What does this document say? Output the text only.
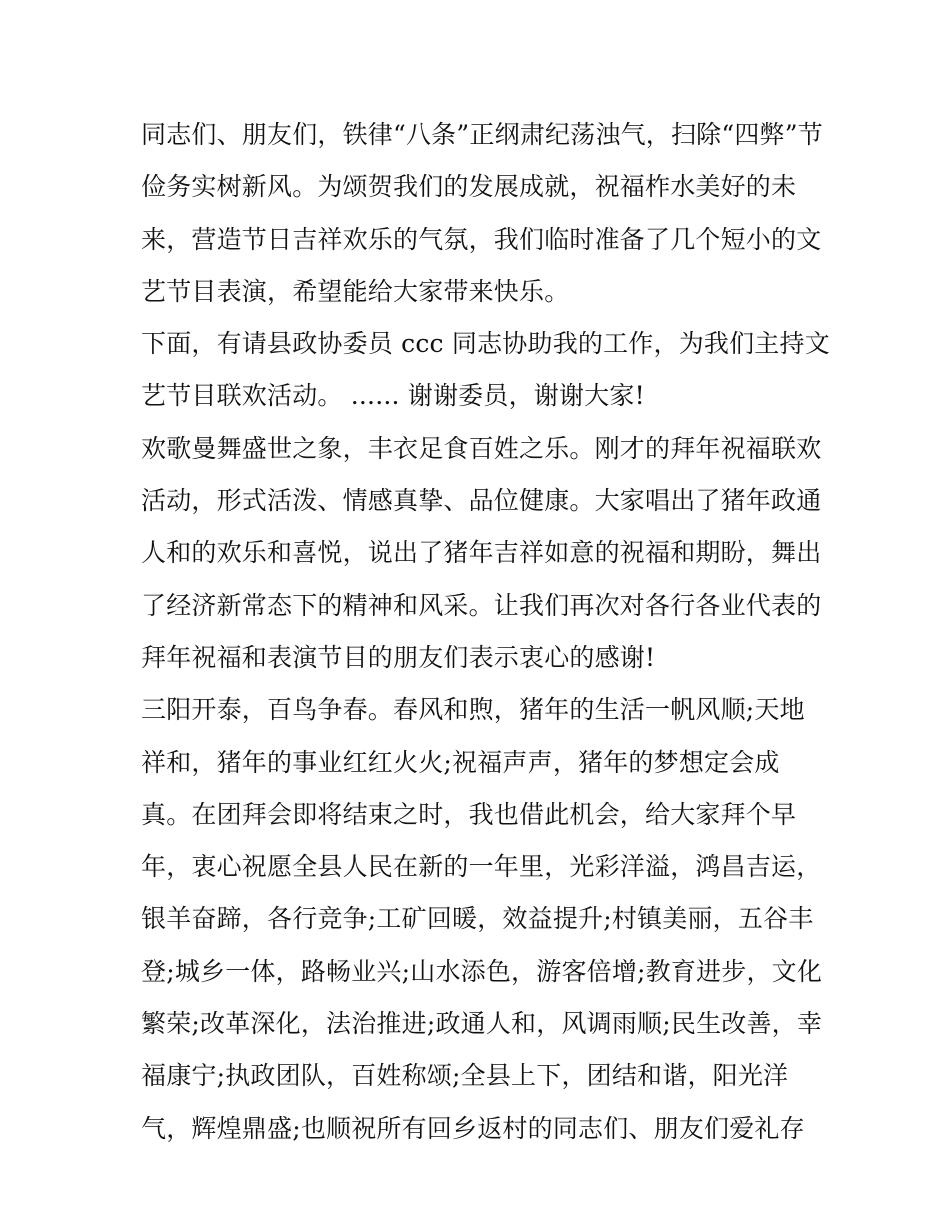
同志们、朋友们，铁律“八条”正纲肃纪荡浊气，扫除“四弊”节
俭务实树新风。为颂贺我们的发展成就，祝福柞水美好的未
来，营造节日吉祥欢乐的气氛，我们临时准备了几个短小的文
艺节目表演，希望能给大家带来快乐。
下面，有请县政协委员 ccc 同志协助我的工作，为我们主持文
艺节目联欢活动。 ...... 谢谢委员，谢谢大家!
欢歌曼舞盛世之象，丰衣足食百姓之乐。刚才的拜年祝福联欢
活动，形式活泼、情感真挚、品位健康。大家唱出了猪年政通
人和的欢乐和喜悦，说出了猪年吉祥如意的祝福和期盼，舞出
了经济新常态下的精神和风采。让我们再次对各行各业代表的
拜年祝福和表演节目的朋友们表示衷心的感谢!
三阳开泰，百鸟争春。春风和煦，猪年的生活一帆风顺;天地
祥和，猪年的事业红红火火;祝福声声，猪年的梦想定会成
真。在团拜会即将结束之时，我也借此机会，给大家拜个早
年，衷心祝愿全县人民在新的一年里，光彩洋溢，鸿昌吉运，
银羊奋蹄，各行竞争;工矿回暖，效益提升;村镇美丽，五谷丰
登;城乡一体，路畅业兴;山水添色，游客倍增;教育进步，文化
繁荣;改革深化，法治推进;政通人和，风调雨顺;民生改善，幸
福康宁;执政团队，百姓称颂;全县上下，团结和谐，阳光洋
气，辉煌鼎盛;也顺祝所有回乡返村的同志们、朋友们爱礼存
